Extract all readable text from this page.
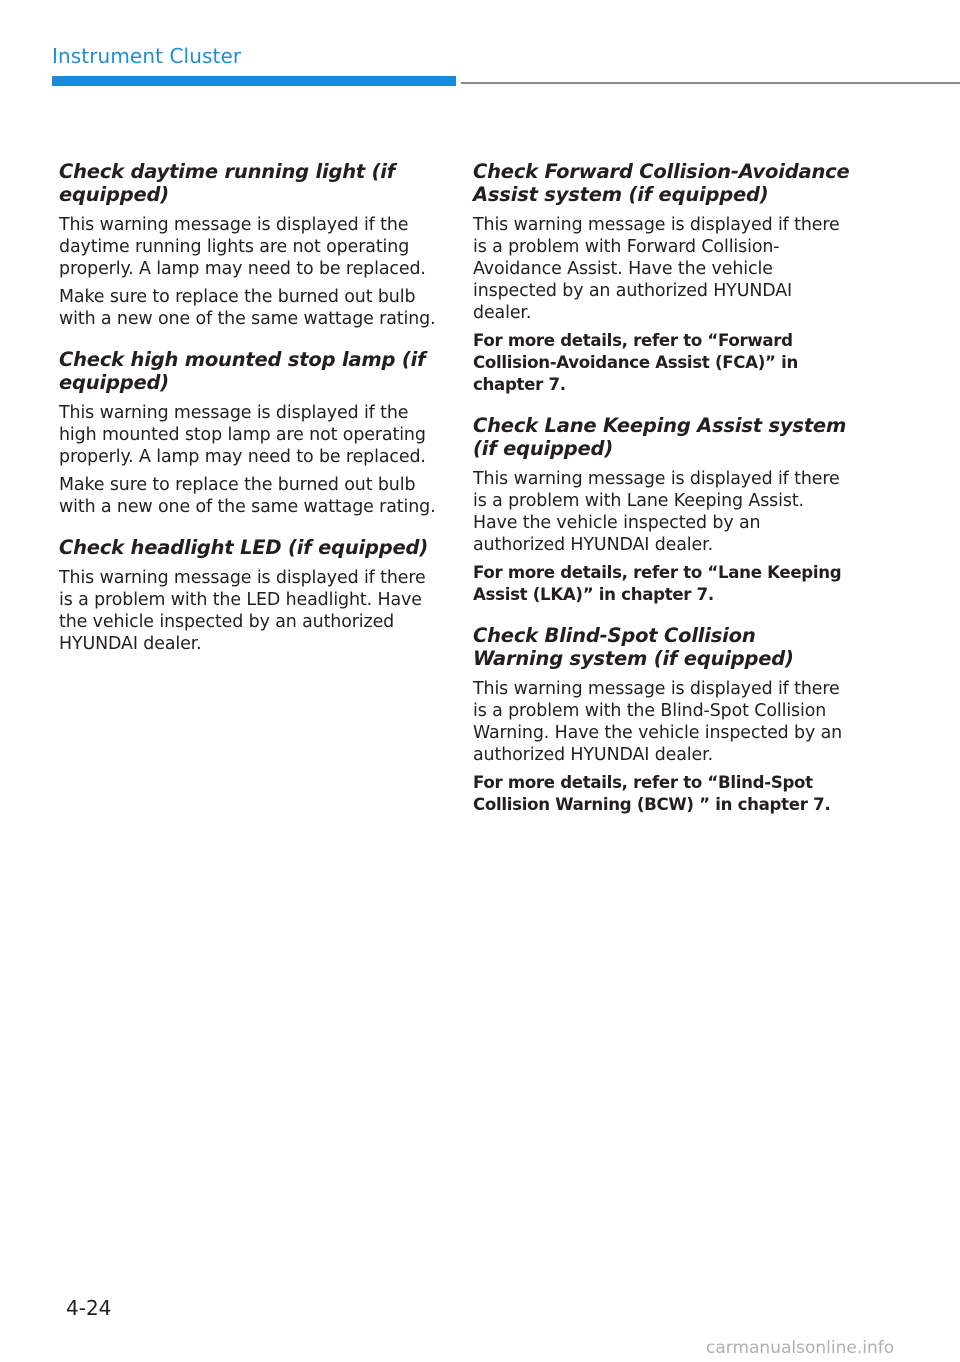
Instrument Cluster
Check daytime running light (if equipped)

This warning message is displayed if the daytime running lights are not operating properly. A lamp may need to be replaced.

Make sure to replace the burned out bulb with a new one of the same wattage rating.

Check high mounted stop lamp (if equipped)

This warning message is displayed if the high mounted stop lamp are not operating properly. A lamp may need to be replaced.

Make sure to replace the burned out bulb with a new one of the same wattage rating.

Check headlight LED (if equipped)

This warning message is displayed if there is a problem with the LED headlight. Have the vehicle inspected by an authorized HYUNDAI dealer.

Check Forward Collision-Avoidance Assist system (if equipped)

This warning message is displayed if there is a problem with Forward Collision-Avoidance Assist. Have the vehicle inspected by an authorized HYUNDAI dealer.

For more details, refer to “Forward Collision-Avoidance Assist (FCA)” in chapter 7.

Check Lane Keeping Assist system (if equipped)

This warning message is displayed if there is a problem with Lane Keeping Assist. Have the vehicle inspected by an authorized HYUNDAI dealer.

For more details, refer to “Lane Keeping Assist (LKA)” in chapter 7.

Check Blind-Spot Collision Warning system (if equipped)

This warning message is displayed if there is a problem with the Blind-Spot Collision Warning. Have the vehicle inspected by an authorized HYUNDAI dealer.

For more details, refer to “Blind-Spot Collision Warning (BCW) ” in chapter 7.

4-24
carmanualsonline.info
